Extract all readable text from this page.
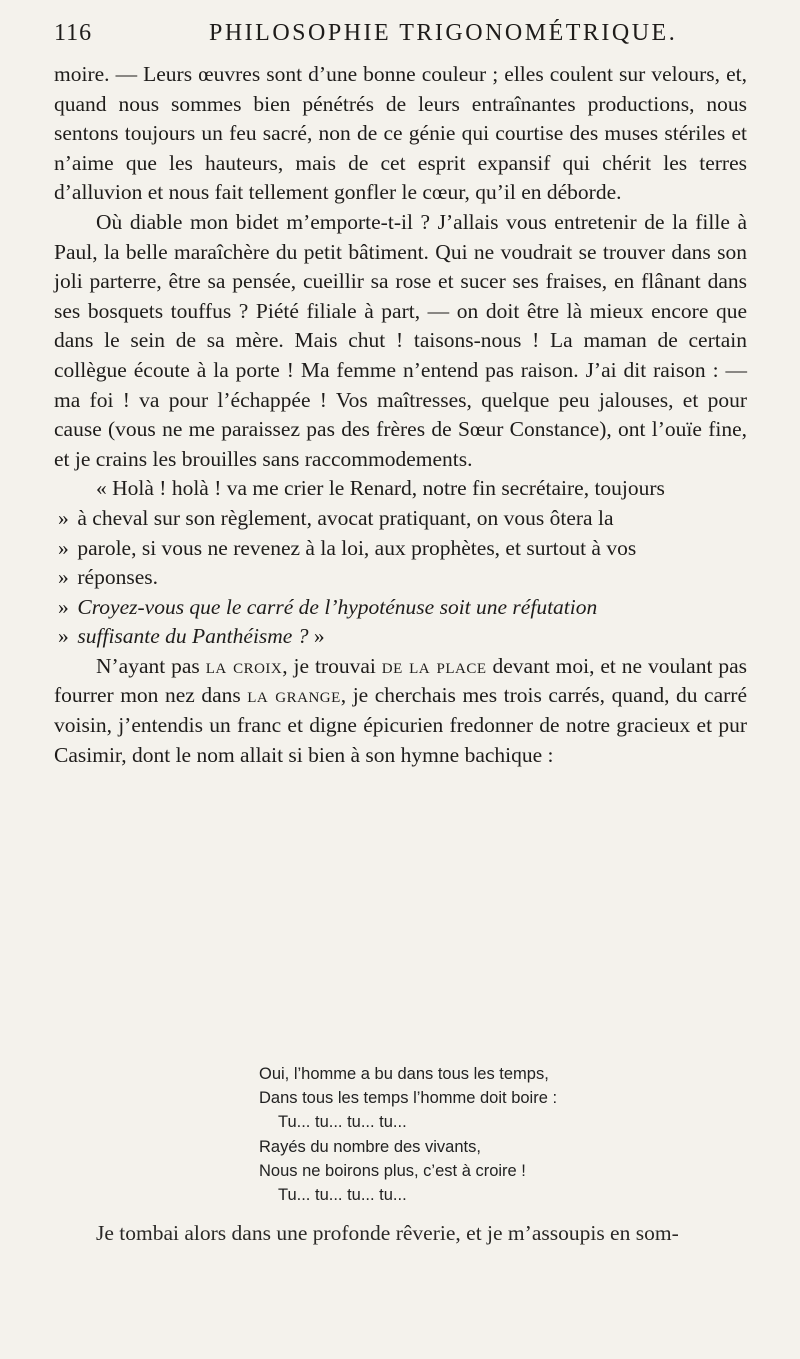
116	PHILOSOPHIE TRIGONOMÉTRIQUE.

moire. — Leurs œuvres sont d’une bonne couleur ; elles coulent sur velours, et, quand nous sommes bien pénétrés de leurs entraînantes productions, nous sentons toujours un feu sacré, non de ce génie qui courtise des muses stériles et n’aime que les hauteurs, mais de cet esprit expansif qui chérit les terres d’alluvion et nous fait tellement gonfler le cœur, qu’il en déborde.

Où diable mon bidet m’emporte-t-il ? J’allais vous entretenir de la fille à Paul, la belle maraîchère du petit bâtiment. Qui ne voudrait se trouver dans son joli parterre, être sa pensée, cueillir sa rose et sucer ses fraises, en flânant dans ses bosquets touffus ? Piété filiale à part, — on doit être là mieux encore que dans le sein de sa mère. Mais chut ! taisons-nous ! La maman de certain collègue écoute à la porte ! Ma femme n’entend pas raison. J’ai dit raison : — ma foi ! va pour l’échappée ! Vos maîtresses, quelque peu jalouses, et pour cause (vous ne me paraissez pas des frères de Sœur Constance), ont l’ouïe fine, et je crains les brouilles sans raccommodements.

« Holà ! holà ! va me crier le Renard, notre fin secrétaire, toujours
» à cheval sur son règlement, avocat pratiquant, on vous ôtera la
» parole, si vous ne revenez à la loi, aux prophètes, et surtout à vos
» réponses.
» Croyez-vous que le carré de l’hypoténuse soit une réfutation
» suffisante du Panthéisme ? »

N’ayant pas la croix, je trouvai de la place devant moi, et ne voulant pas fourrer mon nez dans la grange, je cherchais mes trois carrés, quand, du carré voisin, j’entendis un franc et digne épicurien fredonner de notre gracieux et pur Casimir, dont le nom allait si bien à son hymne bachique :

Oui, l’homme a bu dans tous les temps,
Dans tous les temps l’homme doit boire :
Tu... tu... tu... tu...
Rayés du nombre des vivants,
Nous ne boirons plus, c’est à croire !
Tu... tu... tu... tu...
Je tombai alors dans une profonde rêverie, et je m’assoupis en som-
